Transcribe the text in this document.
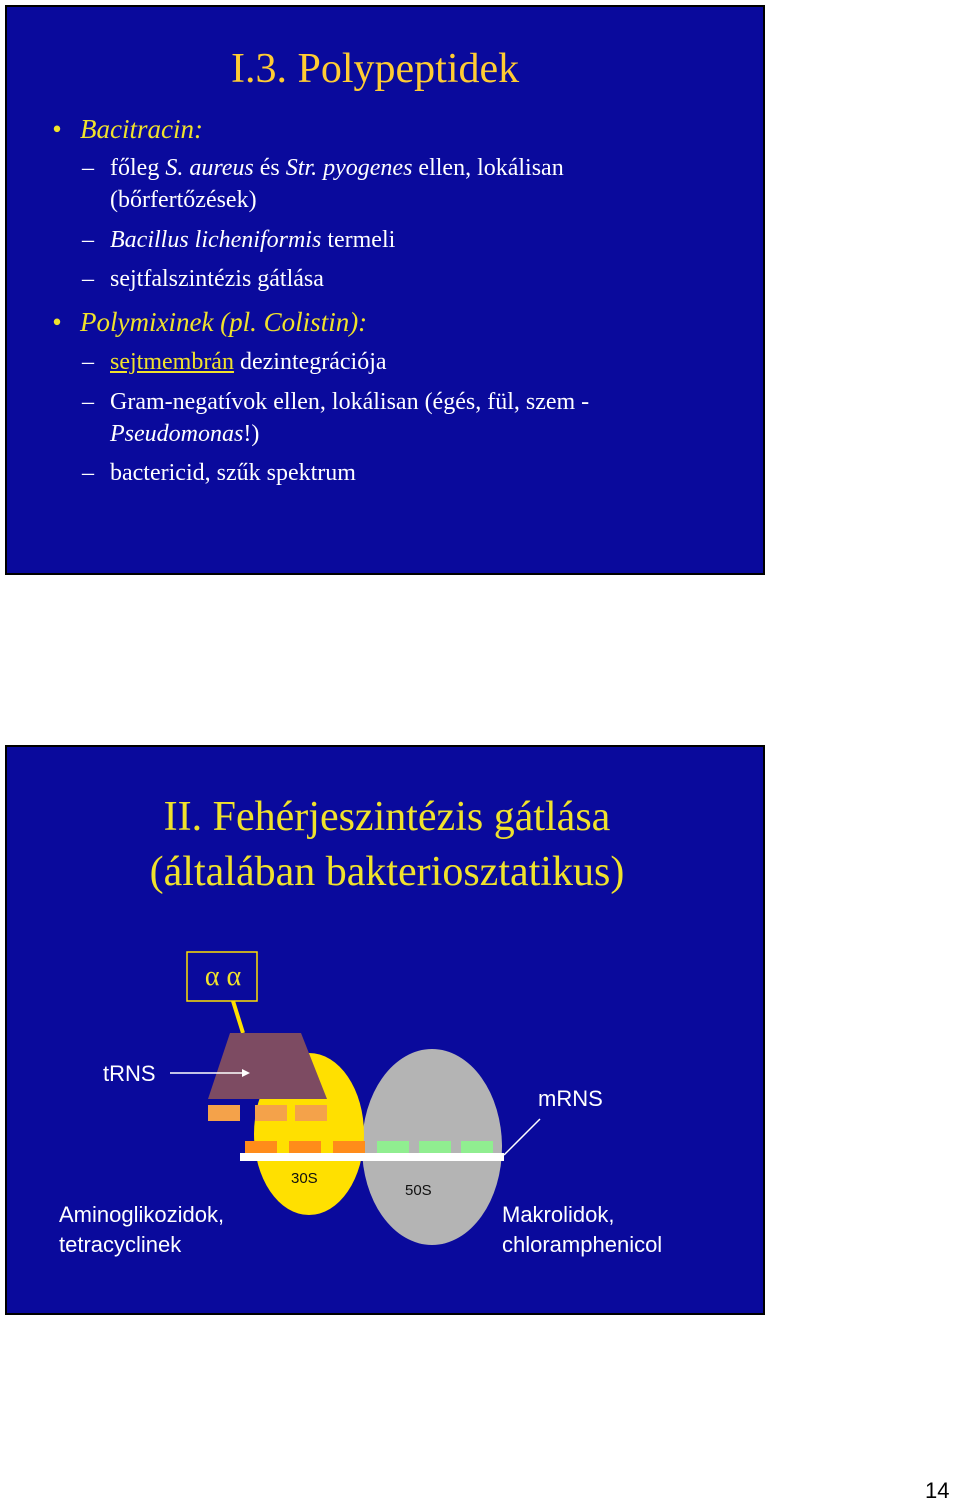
I.3. Polypeptidek
• Bacitracin:
– főleg S. aureus és Str. pyogenes ellen, lokálisan
(bőrfertőzések)
– Bacillus licheniformis termeli
– sejtfalszintézis gátlása
• Polymixinek (pl. Colistin):
– sejtmembrán dezintegrációja
– Gram-negatívok ellen, lokálisan (égés, fül, szem -
Pseudomonas!)
– bactericid, szűk spektrum
II. Fehérjeszintézis gátlása
(általában bakteriosztatikus)
α α
tRNS
mRNS
30S
50S
Aminoglikozidok,
tetracyclinek
Makrolidok,
chloramphenicol
14
